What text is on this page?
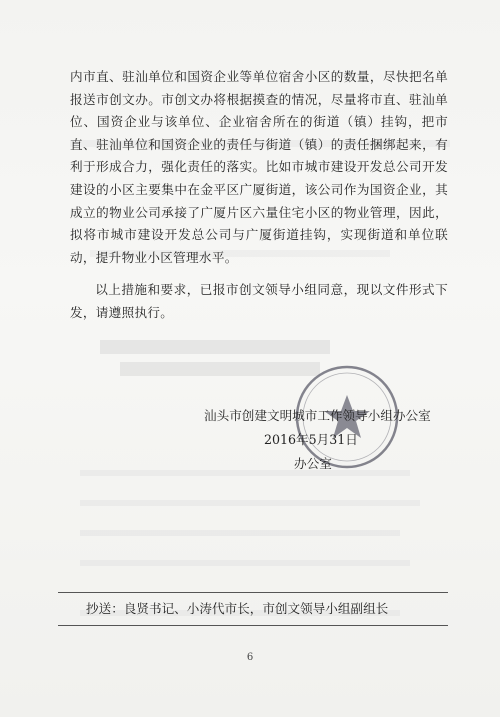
内市直、驻汕单位和国资企业等单位宿舍小区的数量，尽快把名单报送市创文办。市创文办将根据摸查的情况，尽量将市直、驻汕单位、国资企业与该单位、企业宿舍所在的街道（镇）挂钩，把市直、驻汕单位和国资企业的责任与街道（镇）的责任捆绑起来，有利于形成合力，强化责任的落实。比如市城市建设开发总公司开发建设的小区主要集中在金平区广厦街道，该公司作为国资企业，其成立的物业公司承接了广厦片区六量住宅小区的物业管理，因此，拟将市城市建设开发总公司与广厦街道挂钩，实现街道和单位联动，提升物业小区管理水平。

以上措施和要求，已报市创文领导小组同意，现以文件形式下发，请遵照执行。

汕头市创建文明城市工作领导小组办公室
2016年5月31日
办公室
抄送：良贤书记、小涛代市长，市创文领导小组副组长
6
